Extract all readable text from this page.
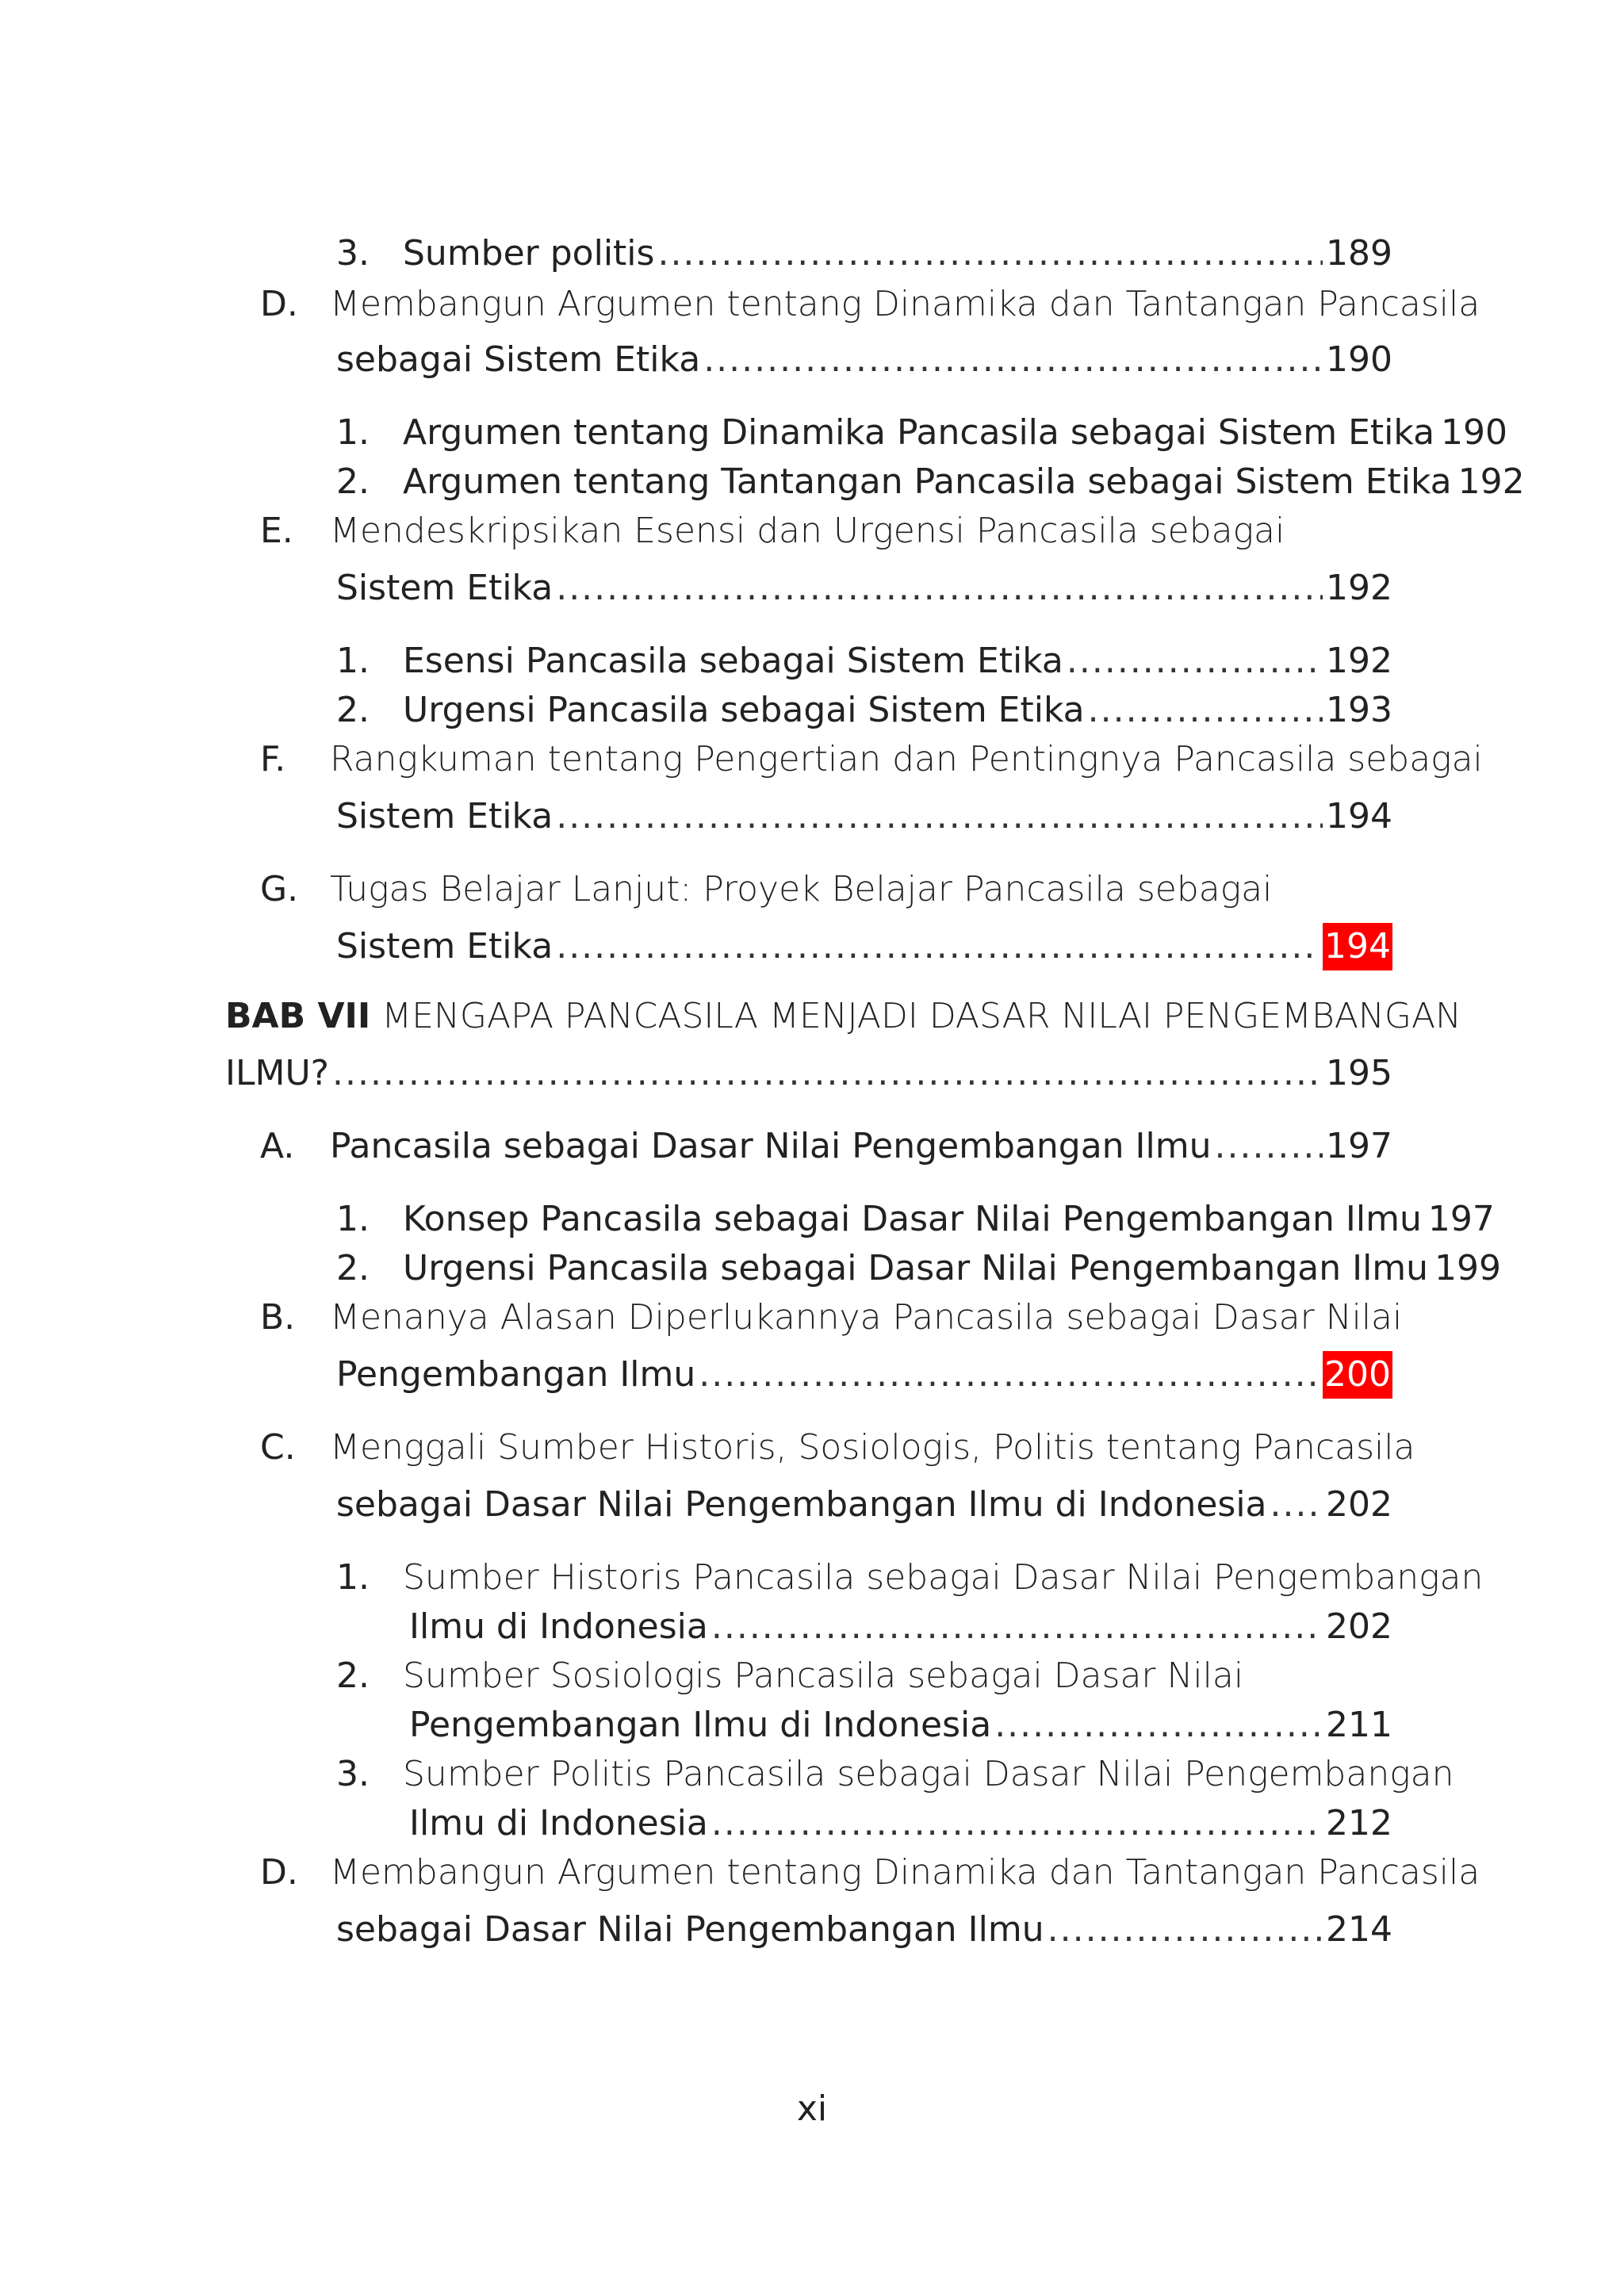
3. Sumber politis .....	189
D. Membangun Argumen tentang Dinamika dan Tantangan Pancasila
sebagai Sistem Etika .....	190
1. Argumen tentang Dinamika Pancasila sebagai Sistem Etika 190
2. Argumen tentang Tantangan Pancasila sebagai Sistem Etika 192
E. Mendeskripsikan Esensi dan Urgensi Pancasila sebagai
Sistem Etika .....	192
1. Esensi Pancasila sebagai Sistem Etika .....	192
2. Urgensi Pancasila sebagai Sistem Etika .....	193
F. Rangkuman tentang Pengertian dan Pentingnya Pancasila sebagai
Sistem Etika .....	194
G. Tugas Belajar Lanjut: Proyek Belajar Pancasila sebagai
Sistem Etika .....	194
BAB VII MENGAPA PANCASILA MENJADI DASAR NILAI PENGEMBANGAN
ILMU? .....	195
A. Pancasila sebagai Dasar Nilai Pengembangan Ilmu .....	197
1. Konsep Pancasila sebagai Dasar Nilai Pengembangan Ilmu 197
2. Urgensi Pancasila sebagai Dasar Nilai Pengembangan Ilmu 199
B. Menanya Alasan Diperlukannya Pancasila sebagai Dasar Nilai
Pengembangan Ilmu .....	200
C. Menggali Sumber Historis, Sosiologis, Politis tentang Pancasila
sebagai Dasar Nilai Pengembangan Ilmu di Indonesia ..... 202
1. Sumber Historis Pancasila sebagai Dasar Nilai Pengembangan
Ilmu di Indonesia .....	202
2. Sumber Sosiologis Pancasila sebagai Dasar Nilai
Pengembangan Ilmu di Indonesia .....	211
3. Sumber Politis Pancasila sebagai Dasar Nilai Pengembangan
Ilmu di Indonesia .....	212
D. Membangun Argumen tentang Dinamika dan Tantangan Pancasila
sebagai Dasar Nilai Pengembangan Ilmu .....	214
xi
